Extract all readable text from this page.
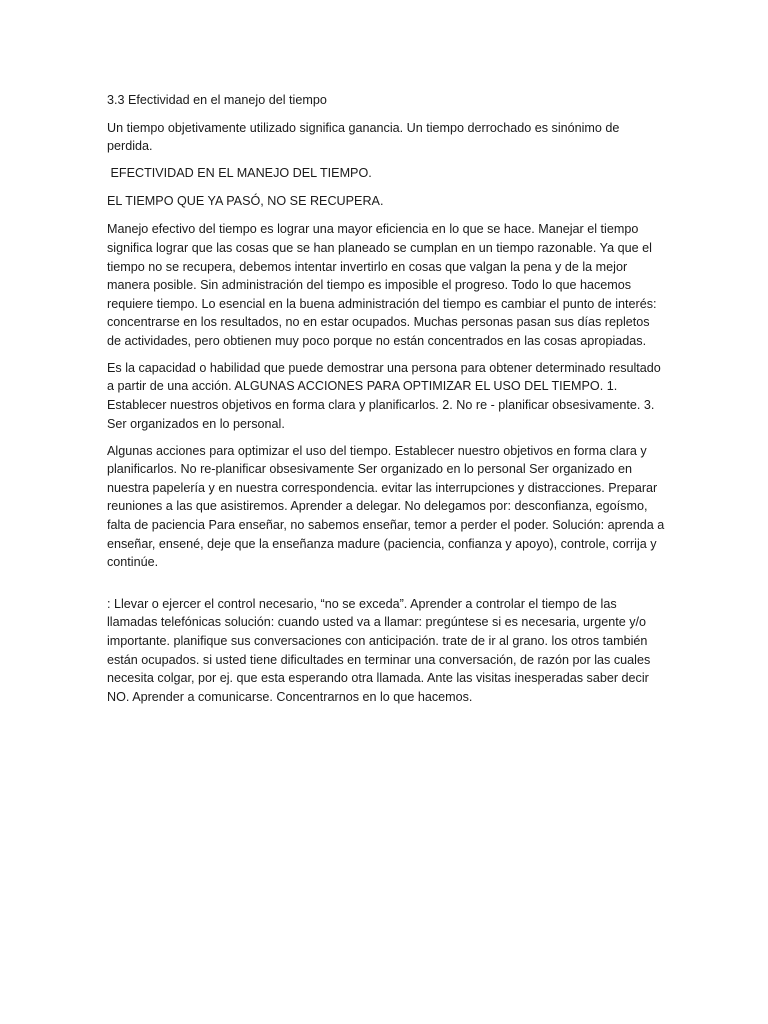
3.3 Efectividad en el manejo del tiempo

Un tiempo objetivamente utilizado significa ganancia. Un tiempo derrochado es sinónimo de perdida.

EFECTIVIDAD EN EL MANEJO DEL TIEMPO.

EL TIEMPO QUE YA PASÓ, NO SE RECUPERA.

Manejo efectivo del tiempo es lograr una mayor eficiencia en lo que se hace. Manejar el tiempo significa lograr que las cosas que se han planeado se cumplan en un tiempo razonable. Ya que el tiempo no se recupera, debemos intentar invertirlo en cosas que valgan la pena y de la mejor manera posible. Sin administración del tiempo es imposible el progreso. Todo lo que hacemos requiere tiempo. Lo esencial en la buena administración del tiempo es cambiar el punto de interés: concentrarse en los resultados, no en estar ocupados. Muchas personas pasan sus días repletos de actividades, pero obtienen muy poco porque no están concentrados en las cosas apropiadas.

Es la capacidad o habilidad que puede demostrar una persona para obtener determinado resultado a partir de una acción. ALGUNAS ACCIONES PARA OPTIMIZAR EL USO DEL TIEMPO. 1. Establecer nuestros objetivos en forma clara y planificarlos. 2. No re - planificar obsesivamente. 3. Ser organizados en lo personal.

Algunas acciones para optimizar el uso del tiempo. Establecer nuestro objetivos en forma clara y planificarlos. No re-planificar obsesivamente Ser organizado en lo personal Ser organizado en nuestra papelería y en nuestra correspondencia. evitar las interrupciones y distracciones. Preparar reuniones a las que asistiremos. Aprender a delegar. No delegamos por: desconfianza, egoísmo, falta de paciencia Para enseñar, no sabemos enseñar, temor a perder el poder. Solución: aprenda a enseñar, ensené, deje que la enseñanza madure (paciencia, confianza y apoyo), controle, corrija y continúe.

: Llevar o ejercer el control necesario, “no se exceda”. Aprender a controlar el tiempo de las llamadas telefónicas solución: cuando usted va a llamar: pregúntese si es necesaria, urgente y/o importante. planifique sus conversaciones con anticipación. trate de ir al grano. los otros también están ocupados. si usted tiene dificultades en terminar una conversación, de razón por las cuales necesita colgar, por ej. que esta esperando otra llamada. Ante las visitas inesperadas saber decir NO. Aprender a comunicarse. Concentrarnos en lo que hacemos.
